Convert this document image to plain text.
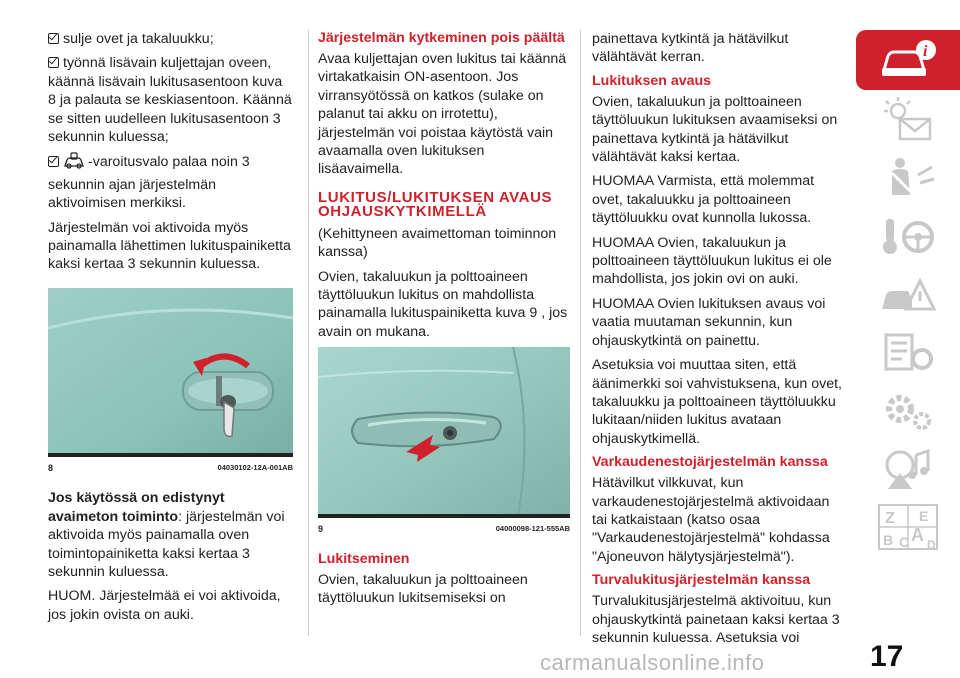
sulje ovet ja takaluukku;

työnnä lisävain kuljettajan oveen, käännä lisävain lukitusasentoon kuva 8 ja palauta se keskiasentoon. Käännä se sitten uudelleen lukitusasentoon 3 sekunnin kuluessa;

-varoitusvalo palaa noin 3 sekunnin ajan järjestelmän aktivoimisen merkiksi.

Järjestelmän voi aktivoida myös painamalla lähettimen lukituspainiketta kaksi kertaa 3 sekunnin kuluessa.

8	04030102-12A-001AB

Jos käytössä on edistynyt avaimeton toiminto: järjestelmän voi aktivoida myös painamalla oven toimintopainiketta kaksi kertaa 3 sekunnin kuluessa.

HUOM. Järjestelmää ei voi aktivoida, jos jokin ovista on auki.

Järjestelmän kytkeminen pois päältä

Avaa kuljettajan oven lukitus tai käännä virtakatkaisin ON-asentoon. Jos virransyötössä on katkos (sulake on palanut tai akku on irrotettu), järjestelmän voi poistaa käytöstä vain avaamalla oven lukituksen lisäavaimella.

LUKITUS/LUKITUKSEN AVAUS OHJAUSKYTKIMELLÄ

(Kehittyneen avaimettoman toiminnon kanssa)

Ovien, takaluukun ja polttoaineen täyttöluukun lukitus on mahdollista painamalla lukituspainiketta kuva 9 , jos avain on mukana.

9	04000098-121-555AB
Lukitseminen

Ovien, takaluukun ja polttoaineen täyttöluukun lukitsemiseksi on

painettava kytkintä ja hätävilkut välähtävät kerran.

Lukituksen avaus

Ovien, takaluukun ja polttoaineen täyttöluukun lukituksen avaamiseksi on painettava kytkintä ja hätävilkut välähtävät kaksi kertaa.

HUOMAA Varmista, että molemmat ovet, takaluukku ja polttoaineen täyttöluukku ovat kunnolla lukossa.

HUOMAA Ovien, takaluukun ja polttoaineen täyttöluukun lukitus ei ole mahdollista, jos jokin ovi on auki.

HUOMAA Ovien lukituksen avaus voi vaatia muutaman sekunnin, kun ohjauskytkintä on painettu.

Asetuksia voi muuttaa siten, että äänimerkki soi vahvistuksena, kun ovet, takaluukku ja polttoaineen täyttöluukku lukitaan/niiden lukitus avataan ohjauskytkimellä.

Varkaudenestojärjestelmän kanssa

Hätävilkut vilkkuvat, kun varkaudenestojärjestelmä aktivoidaan tai katkaistaan (katso osaa "Varkaudenestojärjestelmä" kohdassa "Ajoneuvon hälytysjärjestelmä").

Turvalukitusjärjestelmän kanssa

Turvalukitusjärjestelmä aktivoituu, kun ohjauskytkintä painetaan kaksi kertaa 3 sekunnin kuluessa. Asetuksia voi

i
Z E
B C A D
carmanualsonline.info	17
